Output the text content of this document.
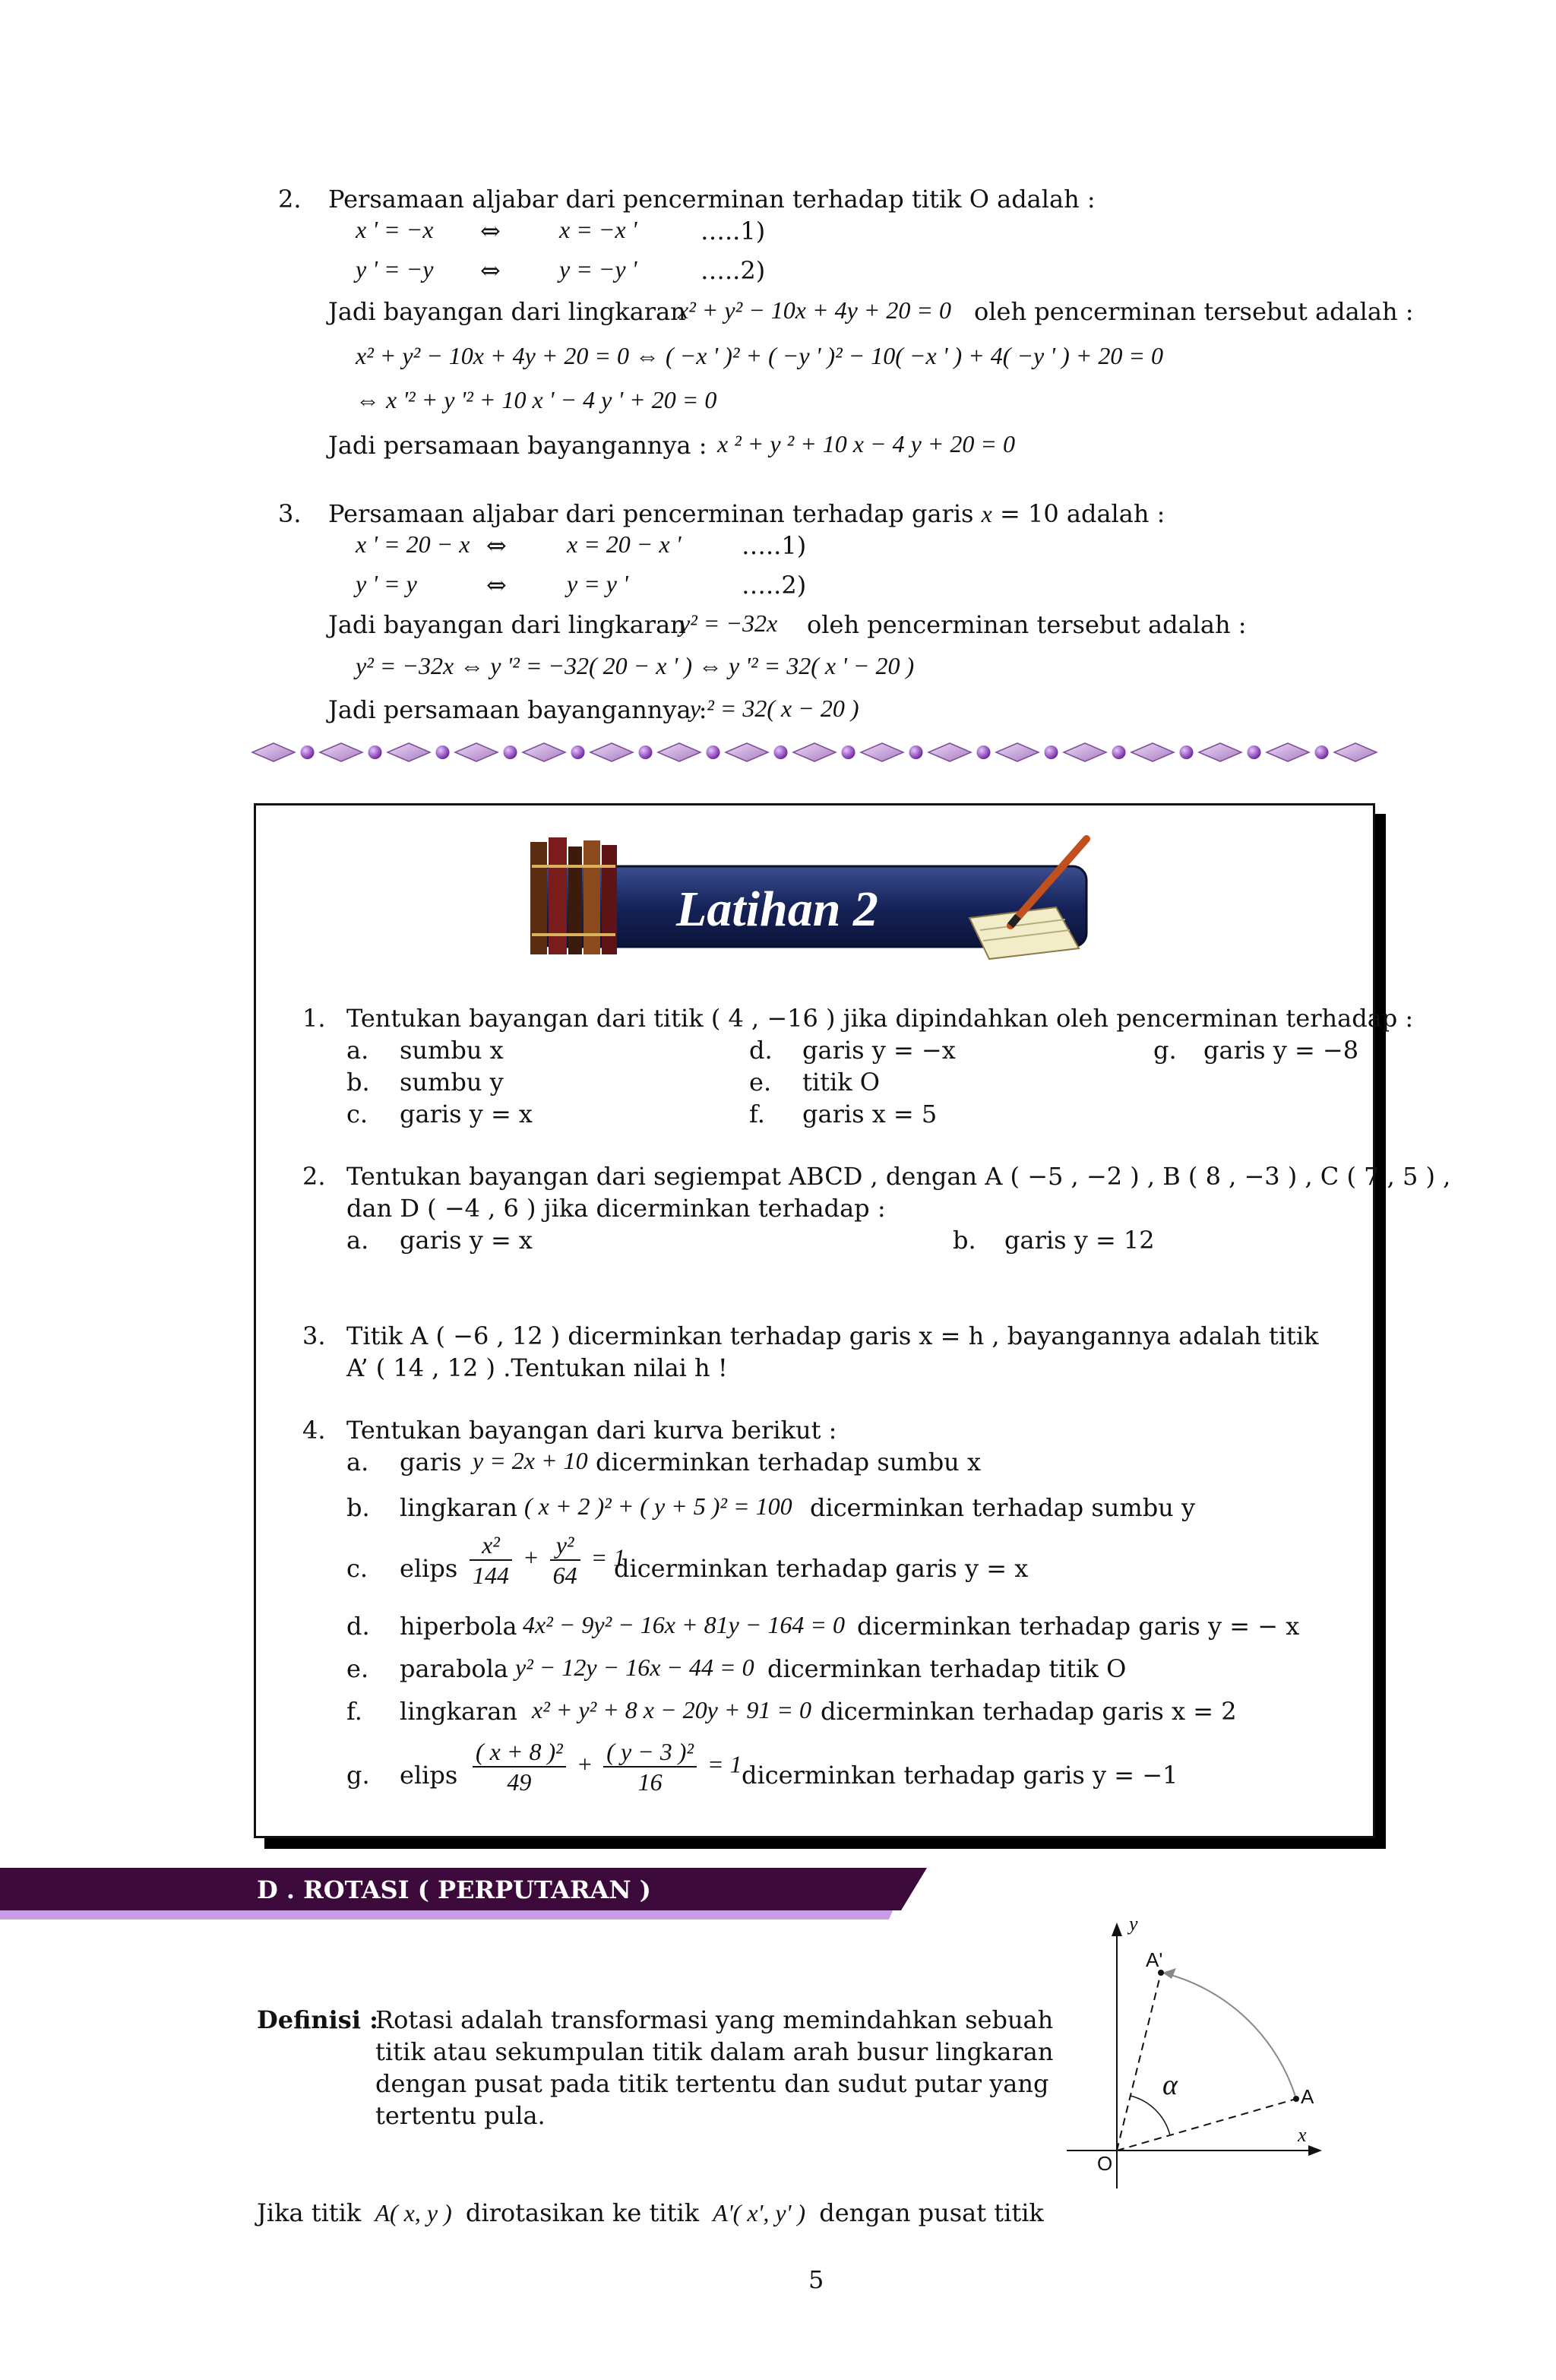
2. Persamaan aljabar dari pencerminan terhadap titik O adalah :
x ' = −x ⇔ x = −x '	…..1)
y ' = −y ⇔ y = −y '	…..2)
Jadi bayangan dari lingkaran
x² + y² − 10x + 4y + 20 = 0 oleh pencerminan tersebut adalah :
x² + y² − 10x + 4y + 20 = 0 ⇔ ( −x ' )² + ( −y ' )² − 10( −x ' ) + 4( −y ' ) + 20 = 0
⇔ x '² + y '² + 10 x ' − 4 y ' + 20 = 0
Jadi persamaan bayangannya : x ² + y ² + 10 x − 4 y + 20 = 0
3. Persamaan aljabar dari pencerminan terhadap garis x = 10 adalah :
x ' = 20 − x ⇔ x = 20 − x ' …..1)
y ' = y	⇔ y = y '	…..2)
Jadi bayangan dari lingkaran
y² = −32x oleh pencerminan tersebut adalah :
y² = −32x ⇔ y '² = −32( 20 − x ' ) ⇔ y '² = 32( x ' − 20 )
Jadi persamaan bayangannya :
y ² = 32( x − 20 )
Latihan 2
1. Tentukan bayangan dari titik ( 4 , −16 ) jika dipindahkan oleh pencerminan terhadap :
a. sumbu x
b. sumbu y
c. garis y = x
d. garis y = −x
e. titik O
f. garis x = 5
g. garis y = −8
2. Tentukan bayangan dari segiempat ABCD , dengan A ( −5 , −2 ) , B ( 8 , −3 ) , C ( 7 , 5 ) ,
dan D ( −4 , 6 ) jika dicerminkan terhadap :
a. garis y = x	b. garis y = 12
3. Titik A ( −6 , 12 ) dicerminkan terhadap garis x = h , bayangannya adalah titik
A’ ( 14 , 12 ) .Tentukan nilai h !
4. Tentukan bayangan dari kurva berikut :
a. garis y = 2x + 10 dicerminkan terhadap sumbu x
b. lingkaran ( x + 2 )² + ( y + 5 )² = 100 dicerminkan terhadap sumbu y
c. elips $\frac{\text{x²}}{144} + \frac{\text{y²}}{64} = 1$
dicerminkan terhadap garis y = x
d. hiperbola 4x² − 9y² − 16x + 81y − 164 = 0 dicerminkan terhadap garis y = − x
e. parabola y² − 12y − 16x − 44 = 0 dicerminkan terhadap titik O
f. lingkaran x² + y² + 8 x − 20y + 91 = 0 dicerminkan terhadap garis x = 2
g. elips $\frac{\text{( x + 8 )²}}{49} + \frac{\text{( y − 3 )²}}{16} = 1$ dicerminkan terhadap garis y = −1
D . ROTASI ( PERPUTARAN )
Definisi :
Rotasi adalah transformasi yang memindahkan sebuah
titik atau sekumpulan titik dalam arah busur lingkaran
dengan pusat pada titik tertentu dan sudut putar yang
tertentu pula.
Jika titik A( x, y ) dirotasikan ke titik A'( x', y' ) dengan pusat titik
y
x
O
A
A'
α
5
